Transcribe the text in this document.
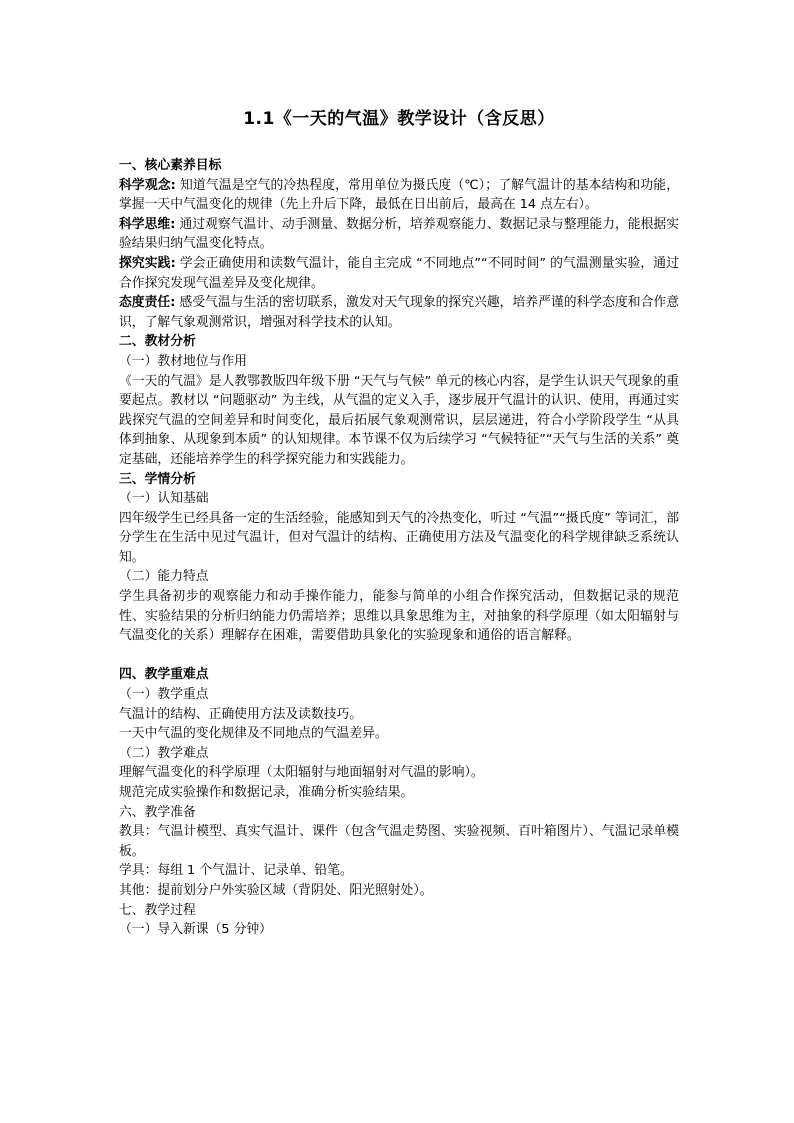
1.1《一天的气温》教学设计（含反思）

一、核心素养目标

科学观念: 知道气温是空气的冷热程度，常用单位为摄氏度（℃）；了解气温计的基本结构和功能，掌握一天中气温变化的规律（先上升后下降，最低在日出前后，最高在 14 点左右）。

科学思维: 通过观察气温计、动手测量、数据分析，培养观察能力、数据记录与整理能力，能根据实验结果归纳气温变化特点。

探究实践: 学会正确使用和读数气温计，能自主完成 “不同地点”“不同时间” 的气温测量实验，通过合作探究发现气温差异及变化规律。

态度责任: 感受气温与生活的密切联系，激发对天气现象的探究兴趣，培养严谨的科学态度和合作意识，了解气象观测常识，增强对科学技术的认知。

二、教材分析

（一）教材地位与作用

《一天的气温》是人教鄂教版四年级下册 “天气与气候” 单元的核心内容，是学生认识天气现象的重要起点。教材以 “问题驱动” 为主线，从气温的定义入手，逐步展开气温计的认识、使用，再通过实践探究气温的空间差异和时间变化，最后拓展气象观测常识，层层递进，符合小学阶段学生 “从具体到抽象、从现象到本质” 的认知规律。本节课不仅为后续学习 “气候特征”“天气与生活的关系” 奠定基础，还能培养学生的科学探究能力和实践能力。

三、学情分析

（一）认知基础

四年级学生已经具备一定的生活经验，能感知到天气的冷热变化，听过 “气温”“摄氏度” 等词汇，部分学生在生活中见过气温计，但对气温计的结构、正确使用方法及气温变化的科学规律缺乏系统认知。

（二）能力特点

学生具备初步的观察能力和动手操作能力，能参与简单的小组合作探究活动，但数据记录的规范性、实验结果的分析归纳能力仍需培养；思维以具象思维为主，对抽象的科学原理（如太阳辐射与气温变化的关系）理解存在困难，需要借助具象化的实验现象和通俗的语言解释。

四、教学重难点

（一）教学重点

气温计的结构、正确使用方法及读数技巧。

一天中气温的变化规律及不同地点的气温差异。

（二）教学难点

理解气温变化的科学原理（太阳辐射与地面辐射对气温的影响）。

规范完成实验操作和数据记录，准确分析实验结果。

六、教学准备

教具：气温计模型、真实气温计、课件（包含气温走势图、实验视频、百叶箱图片）、气温记录单模板。

学具：每组 1 个气温计、记录单、铅笔。

其他：提前划分户外实验区域（背阴处、阳光照射处）。

七、教学过程

（一）导入新课（5 分钟）
